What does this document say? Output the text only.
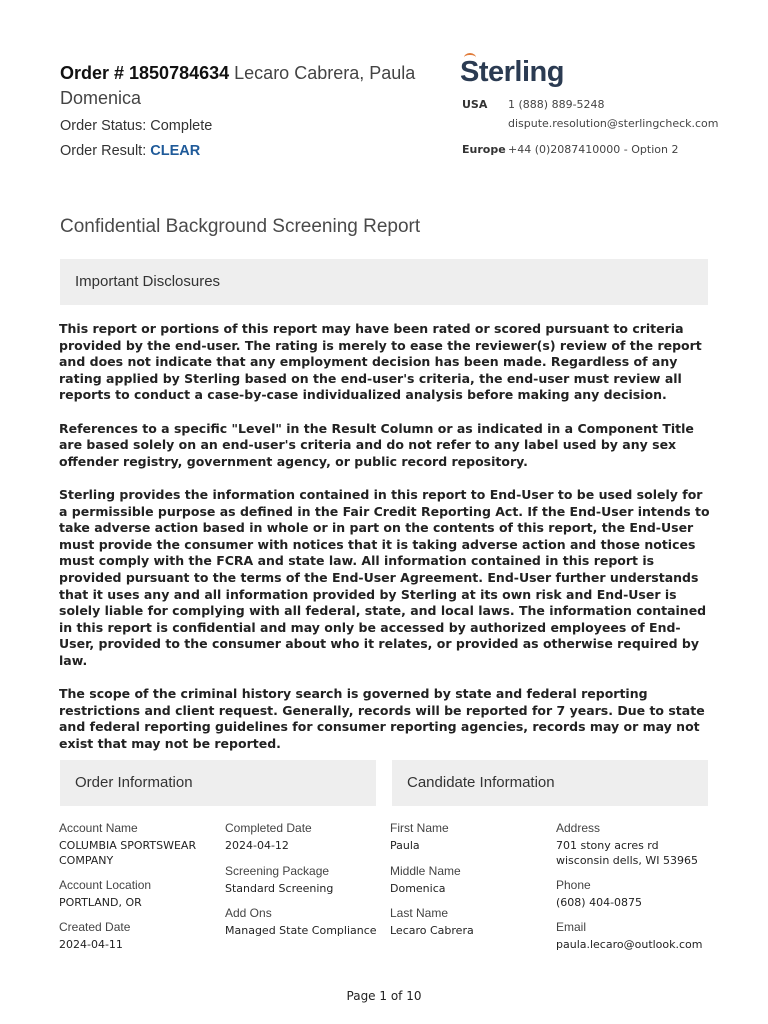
Order # 1850784634 Lecaro Cabrera, Paula Domenica
Order Status: Complete
Order Result: CLEAR
Sterling
USA 1 (888) 889-5248
dispute.resolution@sterlingcheck.com
Europe +44 (0)2087410000 - Option 2
Confidential Background Screening Report
Important Disclosures

This report or portions of this report may have been rated or scored pursuant to criteria provided by the end-user. The rating is merely to ease the reviewer(s) review of the report and does not indicate that any employment decision has been made. Regardless of any rating applied by Sterling based on the end-user's criteria, the end-user must review all reports to conduct a case-by-case individualized analysis before making any decision.

References to a specific "Level" in the Result Column or as indicated in a Component Title are based solely on an end-user's criteria and do not refer to any label used by any sex offender registry, government agency, or public record repository.

Sterling provides the information contained in this report to End-User to be used solely for a permissible purpose as defined in the Fair Credit Reporting Act. If the End-User intends to take adverse action based in whole or in part on the contents of this report, the End-User must provide the consumer with notices that it is taking adverse action and those notices must comply with the FCRA and state law. All information contained in this report is provided pursuant to the terms of the End-User Agreement. End-User further understands that it uses any and all information provided by Sterling at its own risk and End-User is solely liable for complying with all federal, state, and local laws. The information contained in this report is confidential and may only be accessed by authorized employees of End-User, provided to the consumer about who it relates, or provided as otherwise required by law.

The scope of the criminal history search is governed by state and federal reporting restrictions and client request. Generally, records will be reported for 7 years. Due to state and federal reporting guidelines for consumer reporting agencies, records may or may not exist that may not be reported.

Order Information	Candidate Information
Account Name
COLUMBIA SPORTSWEAR COMPANY
Account Location
PORTLAND, OR
Created Date
2024-04-11
Completed Date
2024-04-12
Screening Package
Standard Screening
Add Ons
Managed State Compliance
First Name
Paula
Middle Name
Domenica
Last Name
Lecaro Cabrera
Address
701 stony acres rd
wisconsin dells, WI 53965
Phone
(608) 404-0875
Email
paula.lecaro@outlook.com
Page 1 of 10
